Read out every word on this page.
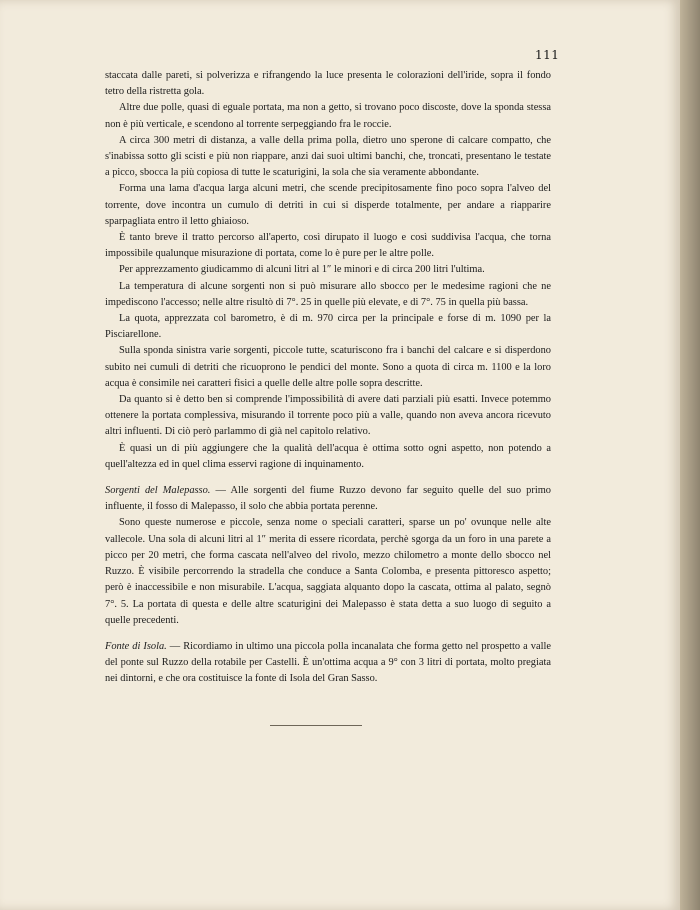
111

staccata dalle pareti, si polverizza e rifrangendo la luce presenta le colorazioni dell'iride, sopra il fondo tetro della ristretta gola.

Altre due polle, quasi di eguale portata, ma non a getto, si trovano poco discoste, dove la sponda stessa non è più verticale, e scendono al torrente serpeggiando fra le roccie.

A circa 300 metri di distanza, a valle della prima polla, dietro uno sperone di calcare compatto, che s'inabissa sotto gli scisti e più non riappare, anzi dai suoi ultimi banchi, che, troncati, presentano le testate a picco, sbocca la più copiosa di tutte le scaturigini, la sola che sia veramente abbondante.

Forma una lama d'acqua larga alcuni metri, che scende precipitosamente fino poco sopra l'alveo del torrente, dove incontra un cumulo di detriti in cui si disperde totalmente, per andare a riapparire sparpagliata entro il letto ghiaioso.

È tanto breve il tratto percorso all'aperto, così dirupato il luogo e così suddivisa l'acqua, che torna impossibile qualunque misurazione di portata, come lo è pure per le altre polle.

Per apprezzamento giudicammo di alcuni litri al 1″ le minori e di circa 200 litri l'ultima.

La temperatura di alcune sorgenti non si può misurare allo sbocco per le medesime ragioni che ne impediscono l'accesso; nelle altre risultò di 7°. 25 in quelle più elevate, e di 7°. 75 in quella più bassa.

La quota, apprezzata col barometro, è di m. 970 circa per la principale e forse di m. 1090 per la Pisciarellone.

Sulla sponda sinistra varie sorgenti, piccole tutte, scaturiscono fra i banchi del calcare e si disperdono subito nei cumuli di detriti che ricuoprono le pendici del monte. Sono a quota di circa m. 1100 e la loro acqua è consimile nei caratteri fisici a quelle delle altre polle sopra descritte.

Da quanto si è detto ben si comprende l'impossibilità di avere dati parziali più esatti. Invece potemmo ottenere la portata complessiva, misurando il torrente poco più a valle, quando non aveva ancora ricevuto altri influenti. Di ciò però parlammo di già nel capitolo relativo.

È quasi un di più aggiungere che la qualità dell'acqua è ottima sotto ogni aspetto, non potendo a quell'altezza ed in quel clima esservi ragione di inquinamento.

Sorgenti del Malepasso. — Alle sorgenti del fiume Ruzzo devono far seguito quelle del suo primo influente, il fosso di Malepasso, il solo che abbia portata perenne.

Sono queste numerose e piccole, senza nome o speciali caratteri, sparse un po' ovunque nelle alte vallecole. Una sola di alcuni litri al 1″ merita di essere ricordata, perchè sgorga da un foro in una parete a picco per 20 metri, che forma cascata nell'alveo del rivolo, mezzo chilometro a monte dello sbocco nel Ruzzo. È visibile percorrendo la stradella che conduce a Santa Colomba, e presenta pittoresco aspetto; però è inaccessibile e non misurabile. L'acqua, saggiata alquanto dopo la cascata, ottima al palato, segnò 7°. 5. La portata di questa e delle altre scaturigini dei Malepasso è stata detta a suo luogo di seguito a quelle precedenti.

Fonte di Isola. — Ricordiamo in ultimo una piccola polla incanalata che forma getto nel prospetto a valle del ponte sul Ruzzo della rotabile per Castelli. È un'ottima acqua a 9° con 3 litri di portata, molto pregiata nei dintorni, e che ora costituisce la fonte di Isola del Gran Sasso.
